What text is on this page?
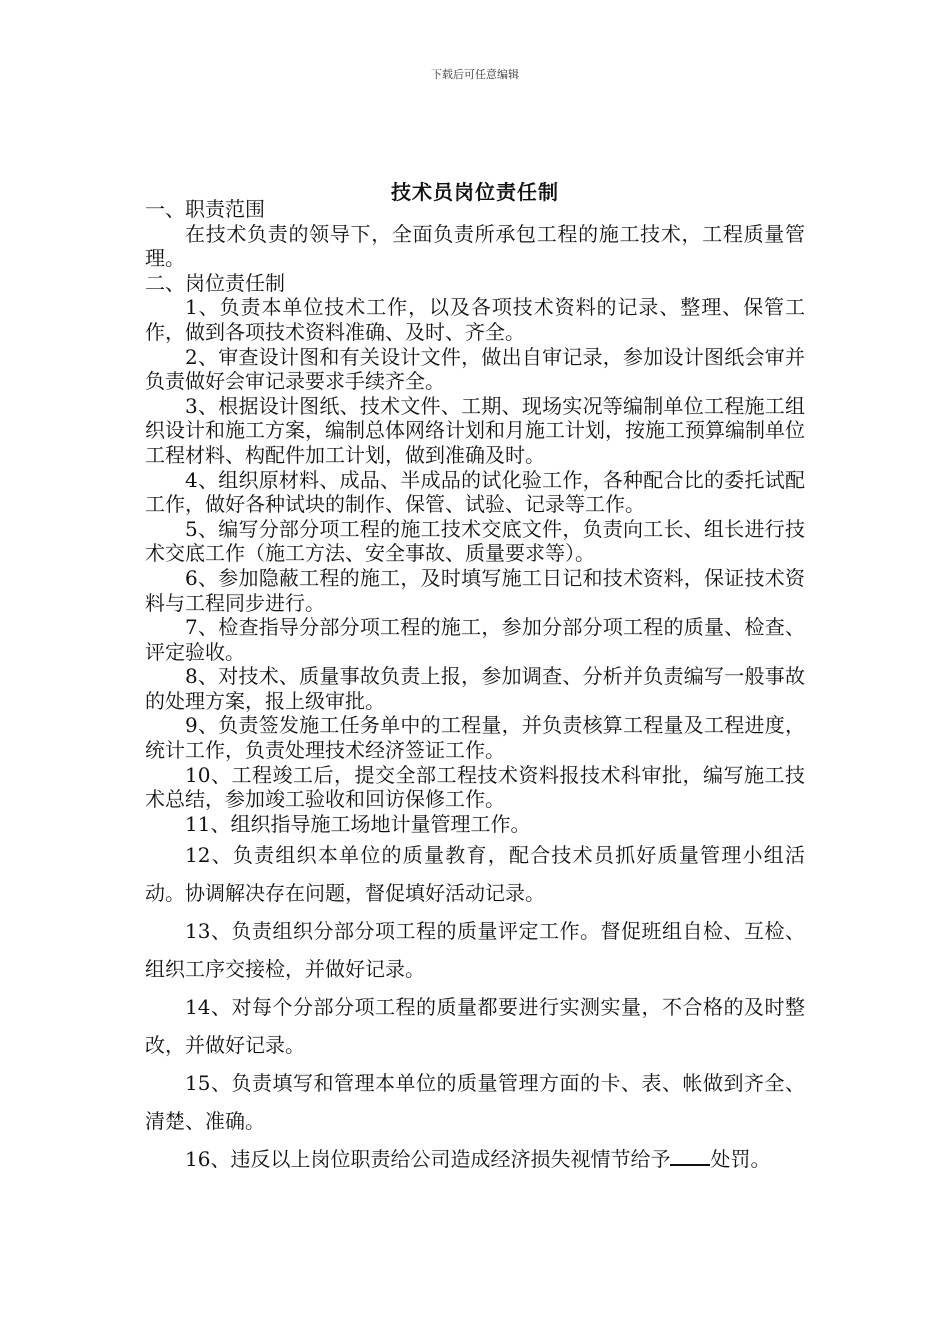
下载后可任意编辑
技术员岗位责任制

一、职责范围

在技术负责的领导下，全面负责所承包工程的施工技术，工程质量管理。

二、岗位责任制

1、负责本单位技术工作，以及各项技术资料的记录、整理、保管工作，做到各项技术资料准确、及时、齐全。

2、审查设计图和有关设计文件，做出自审记录，参加设计图纸会审并负责做好会审记录要求手续齐全。

3、根据设计图纸、技术文件、工期、现场实况等编制单位工程施工组织设计和施工方案，编制总体网络计划和月施工计划，按施工预算编制单位工程材料、构配件加工计划，做到准确及时。

4、组织原材料、成品、半成品的试化验工作，各种配合比的委托试配工作，做好各种试块的制作、保管、试验、记录等工作。

5、编写分部分项工程的施工技术交底文件，负责向工长、组长进行技术交底工作（施工方法、安全事故、质量要求等）。

6、参加隐蔽工程的施工，及时填写施工日记和技术资料，保证技术资料与工程同步进行。

7、检查指导分部分项工程的施工，参加分部分项工程的质量、检查、评定验收。

8、对技术、质量事故负责上报，参加调查、分析并负责编写一般事故的处理方案，报上级审批。

9、负责签发施工任务单中的工程量，并负责核算工程量及工程进度，统计工作，负责处理技术经济签证工作。

10、工程竣工后，提交全部工程技术资料报技术科审批，编写施工技术总结，参加竣工验收和回访保修工作。

11、组织指导施工场地计量管理工作。

12、负责组织本单位的质量教育，配合技术员抓好质量管理小组活动。协调解决存在问题，督促填好活动记录。

13、负责组织分部分项工程的质量评定工作。督促班组自检、互检、组织工序交接检，并做好记录。

14、对每个分部分项工程的质量都要进行实测实量，不合格的及时整改，并做好记录。

15、负责填写和管理本单位的质量管理方面的卡、表、帐做到齐全、清楚、准确。

16、违反以上岗位职责给公司造成经济损失视情节给予 处罚。
